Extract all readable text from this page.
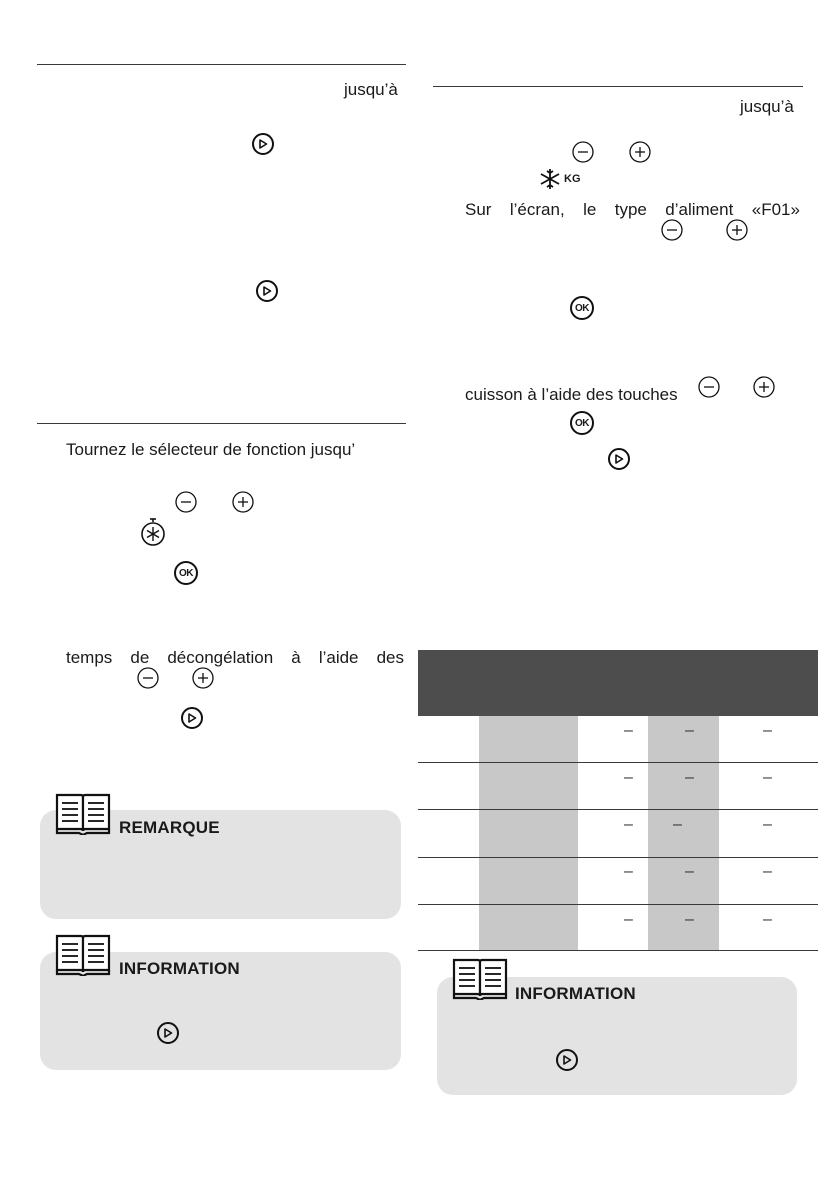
jusqu’à
Tournez le sélecteur de fonction jusqu’
OK
temps de décongélation à l’aide des
REMARQUE
INFORMATION
jusqu’à
KG
Sur l’écran, le type d’aliment «F01»
OK
cuisson à l’aide des touches
OK
–	–	–
–	–	–
–	–	–
–	–	–
–	–	–
INFORMATION
